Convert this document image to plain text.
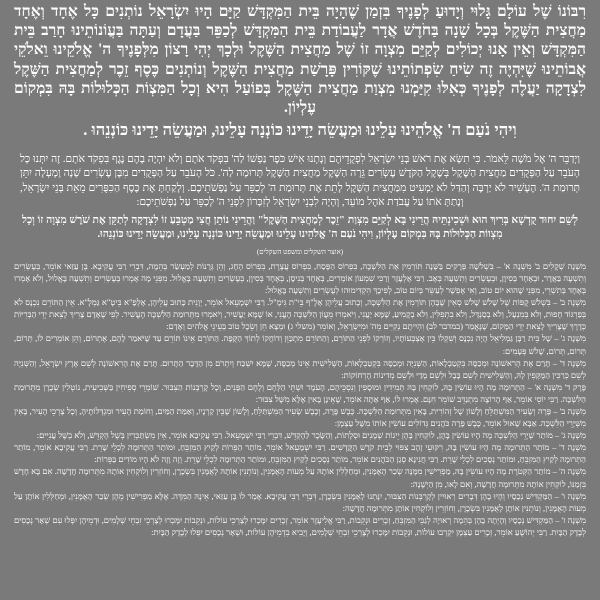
רִבּוֹנוֹ שֶׁל עוֹלָם גָּלוּי וְיָדוּעַ לְפָנֶיךָ בִּזְמַן שֶׁהָיָה בֵּית הַמִּקְדָּשׁ קַיָּם הָיוּ יִשְׂרָאֵל נוֹתְנִים כָּל אֶחָד וְאֶחָד מַחֲצִית הַשֶּׁקֶל בְּכָל שָׁנָה בַּחֹדֶשׁ אֲדָר לַעֲבוֹדַת בֵּית הַמִּקְדָּשׁ לְכַפֵּר בַּעֲדָם וְעַתָּה בַּעֲוֹנוֹתֵינוּ חָרַב בֵּית הַמִּקְדָּשׁ וְאֵין אָנוּ יְכוֹלִים לְקַיֵּם מִצְוָה זוֹ שֶׁל מַחֲצִית הַשֶּׁקֶל וּלְכָךְ יְהִי רָצוֹן מִלְּפָנֶיךָ ה' אֱלֹקֵינוּ וֵאלֹקֵי אֲבוֹתֵינוּ שֶׁיִּהְיֶה זֶה שִׂיחַ שִׂפְתוֹתֵינוּ שֶׁקּוֹרִין פָּרָשַׁת מַחֲצִית הַשֶּׁקֶל וְנוֹתְנִים כֶּסֶף זֵכֶר לְמַחֲצִית הַשֶּׁקֶל לִצְדָקָה יַעֲלֶה לְפָנֶיךָ כְּאִלּוּ קִיַּמְנוּ מִצְוַת מַחֲצִית הַשֶּׁקֶל בְּפוֹעַל הִיא וְכָל הַמִּצְוֹת הַכְּלוּלוֹת בָּהּ בִּמְקוֹם עֶלְיוֹן.

וִיהִי נֹעַם ה' אֱלֹהֵינוּ עָלֵינוּ וּמַעֲשֵׂה יָדֵינוּ כּוֹנְנָה עָלֵינוּ, וּמַעֲשֵׂה יָדֵינוּ כּוֹנְנֵהוּ .

וַיְדַבֵּר ה' אֶל מֹשֶׁה לֵּאמֹר. כִּי תִשָּׂא אֶת רֹאשׁ בְּנֵי יִשְׂרָאֵל לִפְקֻדֵיהֶם וְנָתְנוּ אִישׁ כֹּפֶר נַפְשׁוֹ לַה' בִּפְקֹד אֹתָם וְלֹא יִהְיֶה בָהֶם נֶגֶף בִּפְקֹד אֹתָם. זֶה יִתְּנוּ כָּל הָעֹבֵר עַל הַפְּקֻדִים מַחֲצִית הַשֶּׁקֶל בְּשֶׁקֶל הַקֹּדֶשׁ עֶשְׂרִים גֵּרָה הַשֶּׁקֶל מַחֲצִית הַשֶּׁקֶל תְּרוּמָה לַה'. כֹּל הָעֹבֵר עַל הַפְּקֻדִים מִבֶּן עֶשְׂרִים שָׁנָה וָמָעְלָה יִתֵּן תְּרוּמַת ה'. הֶעָשִׁיר לֹא יַרְבֶּה וְהַדַּל לֹא יַמְעִיט מִמַּחֲצִית הַשָּׁקֶל לָתֵת אֶת תְּרוּמַת ה' לְכַפֵּר עַל נַפְשֹׁתֵיכֶם. וְלָקַחְתָּ אֶת כֶּסֶף הַכִּפֻּרִים מֵאֵת בְּנֵי יִשְׂרָאֵל, וְנָתַתָּ אֹתוֹ עַל עֲבֹדַת אֹהֶל מוֹעֵד, וְהָיָה לִבְנֵי יִשְׂרָאֵל לְזִכָּרוֹן לִפְנֵי ה' לְכַפֵּר עַל נַפְשֹׁתֵיכֶם:

לְשֵׁם יִחוּד קֻדְשָׁא בְּרִיךְ הוּא וּשְׁכִינְתֵּיהּ הֲרֵינִי בָּא לְקַיֵּם מִצְוַת "זֵכֶר לְמַחֲצִית הַשֶּׁקֶל" וַהֲרֵינִי נוֹתֵן חֲצִי מַטְבֵּעַ זוֹ לִצְדָקָה לְתַקֵּן אֶת שֹׁרֶשׁ מִצְוָה זוֹ וְכָל מִצְווֹת הַכְּלוּלוֹת בָּהּ בִּמְקוֹם עֶלְיוֹן, וִיהִי נֹעַם ה' אֱלֹהֵינוּ עָלֵינוּ וּמַעֲשֵׂה יָדֵינוּ כּוֹנְנָה עָלֵינוּ, וּמַעֲשֵׂה יָדֵינוּ כּוֹנְנֵהוּ.

(אוצר השקלים ומשפט השקלים)

מִשְׁנָה שְׁקָלִים ב' מִשְׁנָה א' – בִּשְׁלֹשָׁה פְּרָקִים בַּשָּׁנָה תּוֹרְמִין אֶת הַלִּשְׁכָּה, בִּפְרוֹס הַפֶּסַח, בִּפְרוֹס עֲצֶרֶת, בִּפְרוֹס הֶחָג, וְהֵן גְּרָנוֹת לְמַעְשַׂר בְּהֵמָה, דִּבְרֵי רַבִּי עֲקִיבָא. בֶּן עַזַּאי אוֹמֵר, בְּעֶשְׂרִים וְתִשְׁעָה בַּאֲדָר, וּבְאֶחָד בְּסִיוָן, וּבְעֶשְׂרִים וְתִשְׁעָה בְּאָב. רַבִּי אֶלְעָזָר וְרַבִּי שִׁמְעוֹן אוֹמְרִים, בְּאֶחָד בְּנִיסָן, בְּאֶחָד בְּסִיוָן, בְּעֶשְׂרִים וְתִשְׁעָה בֶּאֱלוּל. מִפְּנֵי מָה אָמְרוּ בְּעֶשְׂרִים וְתִשְׁעָה בֶּאֱלוּל, וְלֹא אָמְרוּ בְּאֶחָד בְּתִשְׁרֵי, מִפְּנֵי שֶׁהוּא יוֹם טוֹב, וְאִי אֶפְשָׁר לְעַשֵּׂר בְּיוֹם טוֹב, לְפִיכָךְ הִקְדִּימוּהוּ לְעֶשְׂרִים וְתִשְׁעָה בֶּאֱלוּל:

מִשְׁנָה ב' – בִּשְׁלֹשׁ קֻפּוֹת שֶׁל שָׁלֹשׁ שָׁלֹשׁ סְאִין שֶׁבָּהֶן תּוֹרְמִין אֶת הַלִּשְׁכָּה, וְכָתוּב עֲלֵיהֶן אָלֶ"ף בֵּי"ת גִּימֶ"ל. רַבִּי יִשְׁמָעֵאל אוֹמֵר, יְוָנִית כָּתוּב עֲלֵיהֶן, אָלְפָ"א בֵּיטָ"א גַּמְלָ"א. אֵין הַתּוֹרֵם נִכְנָס לֹא בְּפַרְגּוֹד חָפוּת, וְלֹא בְּמִנְעָל, וְלֹא בְסַנְדָּל, וְלֹא בִתְפִלִּין, וְלֹא בְקָמִיעַ, שֶׁמָּא יַעֲנִי, וְיֹאמְרוּ מֵעֲוֹן הַלִּשְׁכָּה הֶעֱנִי, אוֹ שֶׁמָּא יַעֲשִׁיר, וְיֹאמְרוּ מִתְּרוּמַת הַלִּשְׁכָּה הֶעֱשִׁיר. לְפִי שֶׁאָדָם צָרִיךְ לָצֵאת יְדֵי הַבְּרִיּוֹת כְּדֶרֶךְ שֶׁצָּרִיךְ לָצֵאת יְדֵי הַמָּקוֹם, שֶׁנֶּאֱמַר (במדבר לב) וִהְיִיתֶם נְקִיִּים מֵה' וּמִיִּשְׂרָאֵל, וְאוֹמֵר (משלי ג) וּמְצָא חֵן וְשֵׂכֶל טוֹב בְּעֵינֵי אֱלֹהִים וְאָדָם:

מִשְׁנָה ג' – שֶׁל בֵּית רַבָּן גַּמְלִיאֵל הָיָה נִכְנָס וְשִׁקְלוֹ בֵּין אֶצְבְּעוֹתָיו, וְזוֹרְקוֹ לִפְנֵי הַתּוֹרֵם, וְהַתּוֹרֵם מִתְכַּוֵּן וְדוֹחֲקוֹ לְתוֹךְ הַקֻּפָּה. הַתּוֹרֵם אֵינוֹ תּוֹרֵם עַד שֶׁיֹּאמַר לָהֶם, אֶתְרוֹם, וְהֵן אוֹמְרִים לוֹ, תְּרוֹם, תְּרוֹם, תְּרוֹם, שָׁלֹשׁ פְּעָמִים:

מִשְׁנָה ד' – תָּרַם אֶת הָרִאשׁוֹנָה וּמְכַסֶּה בִּקְטַבְלָאוֹת, הַשְּׁנִיָּה וּמְכַסֶּה בִּקְטַבְלָאוֹת, הַשְּׁלִישִׁית אֵינוֹ מְכַסֶּה, שֶׁמָּא יִשְׁכַּח וְיִתְרֹם מִן הַדָּבָר הַתָּרוּם. תָּרַם אֶת הָרִאשׁוֹנָה לְשֵׁם אֶרֶץ יִשְׂרָאֵל, וְהַשְּׁנִיָּה לְשֵׁם כְּרַכִּין הַמֻּקָּפִין לָהּ, וְהַשְּׁלִישִׁית לְשֵׁם בָּבֶל וּלְשֵׁם מָדַי וּלְשֵׁם מְדִינוֹת הָרְחוֹקוֹת:

פֶּרֶק ד' מִשְׁנָה א' – הַתְּרוּמָה מֶה הָיוּ עוֹשִׂין בָּהּ, לוֹקְחִין בָּהּ תְּמִידִין וּמוּסָפִין וְנִסְכֵּיהֶם, הָעֹמֶר וּשְׁתֵּי הַלֶּחֶם וְלֶחֶם הַפָּנִים, וְכָל קָרְבְּנוֹת הַצִּבּוּר. שׁוֹמְרֵי סְפִיחִין בַּשְּׁבִיעִית, נוֹטְלִין שְׂכָרָן מִתְּרוּמַת הַלִּשְׁכָּה. רַבִּי יוֹסֵי אוֹמֵר, אַף הָרוֹצֶה מִתְנַדֵּב שׁוֹמֵר חִנָּם. אָמְרוּ לוֹ, אַף אַתָּה אוֹמֵר, שֶׁאֵינָן בָּאִין אֶלָּא מִשֶּׁל צִבּוּר:

מִשְׁנָה ב' – פָּרָה וְשָׂעִיר הַמִּשְׁתַּלֵּחַ וְלָשׁוֹן שֶׁל זְהוֹרִית, בָּאִין מִתְּרוּמַת הַלִּשְׁכָּה. כֶּבֶשׁ פָּרָה, וְכֶבֶשׁ שָׂעִיר הַמִּשְׁתַּלֵּחַ, וְלָשׁוֹן שֶׁבֵּין קַרְנָיו, וְאַמַּת הַמַּיִם, וְחוֹמַת הָעִיר וּמִגְדְּלוֹתֶיהָ, וְכָל צָרְכֵי הָעִיר, בָּאִין מִשְּׁיָרֵי הַלִּשְׁכָּה. אַבָּא שָׁאוּל אוֹמֵר, כֶּבֶשׁ פָּרָה כֹּהֲנִים גְּדוֹלִים עוֹשִׂין אוֹתוֹ מִשֶּׁל עַצְמָן:

מִשְׁנָה ג' – מוֹתַר שְׁיָרֵי הַלִּשְׁכָּה מֶה הָיוּ עוֹשִׂין בָּהֶן, לוֹקְחִין בָּהֶן יֵינוֹת שְׁמָנִים וּסְלָתוֹת, וְהַשָּׂכָר לַהֶקְדֵּשׁ, דִּבְרֵי רַבִּי יִשְׁמָעֵאל. רַבִּי עֲקִיבָא אוֹמֵר, אֵין מִשְׂתַּכְּרִין בְּשֶׁל הֶקְדֵּשׁ, וְלֹא בְשֶׁל עֲנִיִּים:

מִשְׁנָה ד' – מוֹתַר הַתְּרוּמָה מֶה הָיוּ עוֹשִׂין בָּהּ, רִקּוּעֵי זָהָב צִפּוּי לְבֵית קֹדֶשׁ הַקֳּדָשִׁים. רַבִּי יִשְׁמָעֵאל אוֹמֵר, מוֹתַר הַפֵּרוֹת לְקַיִץ הַמִּזְבֵּחַ, וּמוֹתַר הַתְּרוּמָה לִכְלֵי שָׁרֵת. רַבִּי עֲקִיבָא אוֹמֵר, מוֹתַר הַתְּרוּמָה לְקַיִץ הַמִּזְבֵּחַ, וּמוֹתַר נְסָכִים לִכְלֵי שָׁרֵת. רַבִּי חֲנִינָא סְגַן הַכֹּהֲנִים אוֹמֵר, מוֹתַר נְסָכִים לְקַיִץ הַמִּזְבֵּחַ, וּמוֹתַר הַתְּרוּמָה לִכְלֵי שָׁרֵת. וְזֶה וָזֶה לֹא הָיוּ מוֹדִים בַּפֵּרוֹת:

מִשְׁנָה ה' – מוֹתַר הַקְּטֹרֶת מֶה הָיוּ עוֹשִׂין בָּהּ, מַפְרִישִׁין מִמֶּנָּה שְׂכַר הָאֻמָּנִין, וּמְחַלְּלִין אוֹתָהּ עַל מְעוֹת הָאֻמָּנִין, וְנוֹתְנִין אוֹתָהּ לָאֻמָּנִין בִּשְׂכָרָן, וְחוֹזְרִין וְלוֹקְחִין אוֹתָהּ מִתְּרוּמָה חֲדָשָׁה. אִם בָּא חָדָשׁ בִּזְמַנּוֹ, לוֹקְחִין אוֹתָהּ מִתְּרוּמָה חֲדָשָׁה, וְאִם לָאו, מִן הַיְשָׁנָה:

מִשְׁנָה ו' – הַמַּקְדִּישׁ נְכָסָיו וְהָיוּ בָהֶן דְּבָרִים רְאוּיִין לְקָרְבְּנוֹת הַצִּבּוּר, יִנָּתְנוּ לָאֻמָּנִין בִּשְׂכָרָן, דִּבְרֵי רַבִּי עֲקִיבָא. אָמַר לוֹ בֶּן עַזַּאי, אֵינָהּ הַמִּדָּה. אֶלָּא מַפְרִישִׁין מֵהֶן שְׂכַר הָאֻמָּנִין, וּמְחַלְּלִין אוֹתָן עַל מְעוֹת הָאֻמָּנִין, וְנוֹתְנִין אוֹתָן לָאֻמָּנִין בִּשְׂכָרָן, וְחוֹזְרִין וְלוֹקְחִין אוֹתָן מִתְּרוּמָה חֲדָשָׁה:

מִשְׁנָה ז' – הַמַּקְדִּישׁ נְכָסָיו וְהָיְתָה בָהֶן בְּהֵמָה רְאוּיָה לְגַבֵּי הַמִּזְבֵּחַ, זְכָרִים וּנְקֵבוֹת, רַבִּי אֱלִיעֶזֶר אוֹמֵר, זְכָרִים יִמָּכְרוּ לְצָרְכֵי עוֹלוֹת, וּנְקֵבוֹת יִמָּכְרוּ לְצָרְכֵי זִבְחֵי שְׁלָמִים, וּדְמֵיהֶן יִפְּלוּ עִם שְׁאָר נְכָסִים לְבֶדֶק הַבָּיִת. רַבִּי יְהוֹשֻׁעַ אוֹמֵר, זְכָרִים עַצְמָן יִקְרְבוּ עוֹלוֹת, וּנְקֵבוֹת יִמָּכְרוּ לְצָרְכֵי זִבְחֵי שְׁלָמִים, וְיָבִיא בִדְמֵיהֶן עוֹלוֹת, וּשְׁאָר נְכָסִים יִפְּלוּ לְבֶדֶק הַבָּיִת:
